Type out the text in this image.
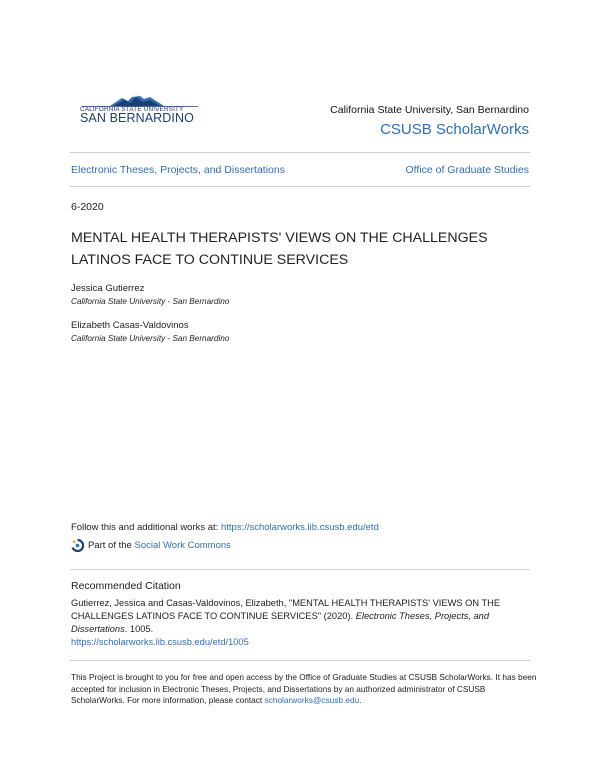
CALIFORNIA STATE UNIVERSITY
SAN BERNARDINO
California State University, San Bernardino
CSUSB ScholarWorks
Electronic Theses, Projects, and Dissertations	Office of Graduate Studies
6-2020
MENTAL HEALTH THERAPISTS' VIEWS ON THE CHALLENGES
LATINOS FACE TO CONTINUE SERVICES
Jessica Gutierrez
California State University - San Bernardino
Elizabeth Casas-Valdovinos
California State University - San Bernardino
Follow this and additional works at: https://scholarworks.lib.csusb.edu/etd
Part of the
Social Work Commons
Recommended Citation
Gutierrez, Jessica and Casas-Valdovinos, Elizabeth, "MENTAL HEALTH THERAPISTS' VIEWS ON THE CHALLENGES LATINOS FACE TO CONTINUE SERVICES" (2020). Electronic Theses, Projects, and Dissertations. 1005.
https://scholarworks.lib.csusb.edu/etd/1005
This Project is brought to you for free and open access by the Office of Graduate Studies at CSUSB ScholarWorks. It has been accepted for inclusion in Electronic Theses, Projects, and Dissertations by an authorized administrator of CSUSB ScholarWorks. For more information, please contact scholarworks@csusb.edu.
